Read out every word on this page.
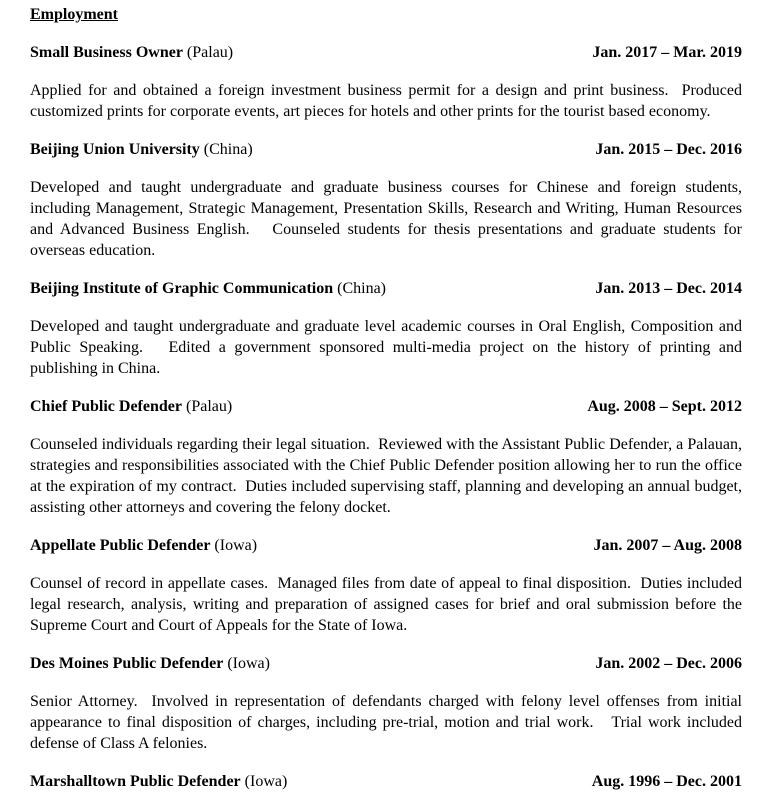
Employment
Small Business Owner (Palau)	Jan. 2017 – Mar. 2019

Applied for and obtained a foreign investment business permit for a design and print business.  Produced customized prints for corporate events, art pieces for hotels and other prints for the tourist based economy.

Beijing Union University (China)	Jan. 2015 – Dec. 2016

Developed and taught undergraduate and graduate business courses for Chinese and foreign students, including Management, Strategic Management, Presentation Skills, Research and Writing, Human Resources and Advanced Business English.   Counseled students for thesis presentations and graduate students for overseas education.

Beijing Institute of Graphic Communication (China)	Jan. 2013 – Dec. 2014

Developed and taught undergraduate and graduate level academic courses in Oral English, Composition and Public Speaking.   Edited a government sponsored multi-media project on the history of printing and publishing in China.

Chief Public Defender (Palau)	Aug. 2008 – Sept. 2012

Counseled individuals regarding their legal situation.  Reviewed with the Assistant Public Defender, a Palauan, strategies and responsibilities associated with the Chief Public Defender position allowing her to run the office at the expiration of my contract.  Duties included supervising staff, planning and developing an annual budget, assisting other attorneys and covering the felony docket.

Appellate Public Defender (Iowa)	Jan. 2007 – Aug. 2008

Counsel of record in appellate cases.  Managed files from date of appeal to final disposition.  Duties included legal research, analysis, writing and preparation of assigned cases for brief and oral submission before the Supreme Court and Court of Appeals for the State of Iowa.

Des Moines Public Defender (Iowa)	Jan. 2002 – Dec. 2006

Senior Attorney.  Involved in representation of defendants charged with felony level offenses from initial appearance to final disposition of charges, including pre-trial, motion and trial work.   Trial work included defense of Class A felonies.

Marshalltown Public Defender (Iowa)	Aug. 1996 – Dec. 2001
